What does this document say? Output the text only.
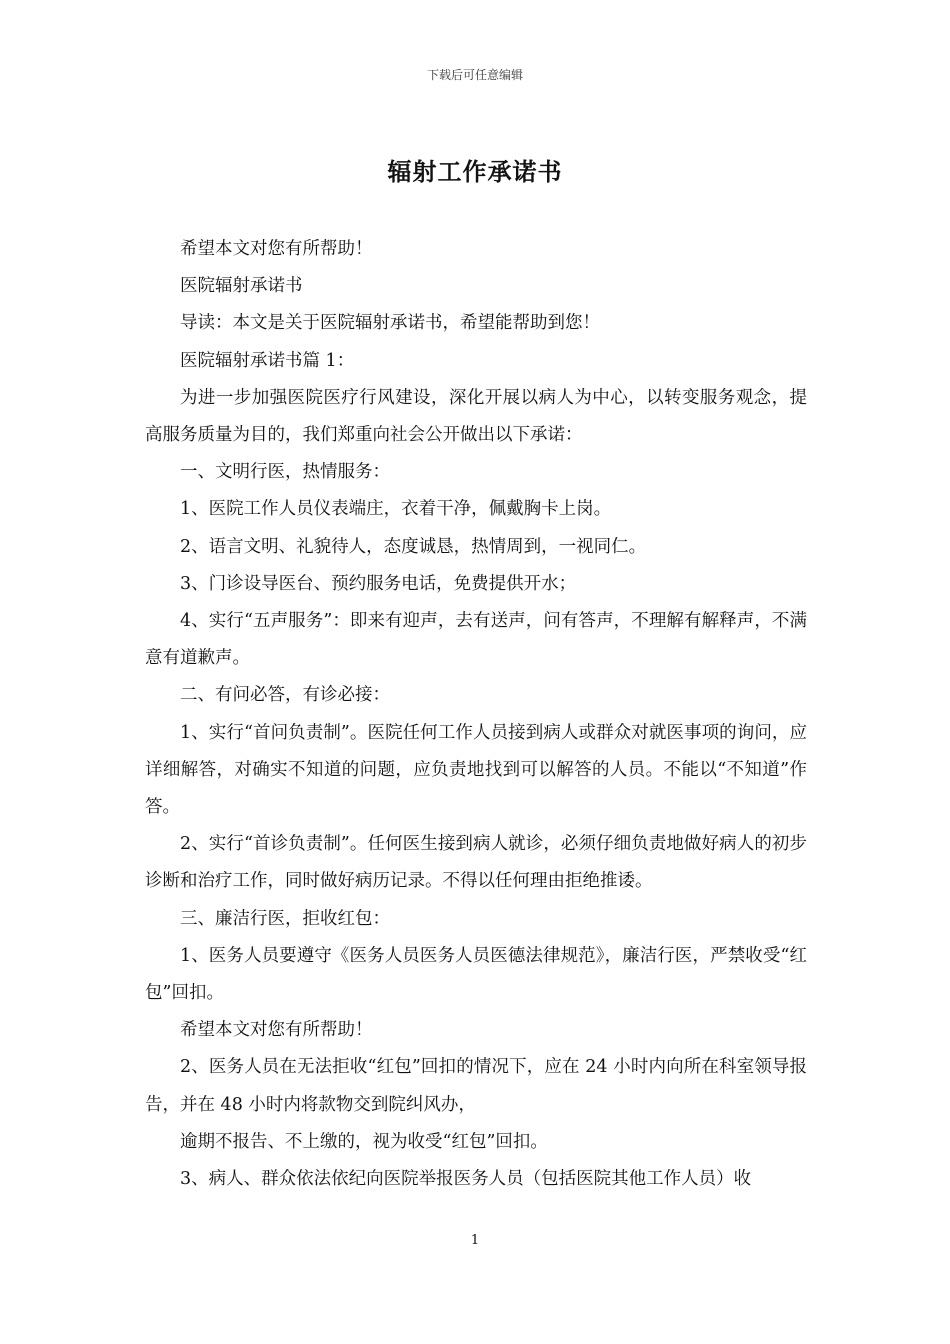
下载后可任意编辑
辐射工作承诺书

希望本文对您有所帮助！

医院辐射承诺书

导读：本文是关于医院辐射承诺书，希望能帮助到您！

医院辐射承诺书篇 1：

为进一步加强医院医疗行风建设，深化开展以病人为中心，以转变服务观念，提高服务质量为目的，我们郑重向社会公开做出以下承诺：

一、文明行医，热情服务：

1、医院工作人员仪表端庄，衣着干净，佩戴胸卡上岗。

2、语言文明、礼貌待人，态度诚恳，热情周到，一视同仁。

3、门诊设导医台、预约服务电话，免费提供开水；

4、实行“五声服务”：即来有迎声，去有送声，问有答声，不理解有解释声，不满意有道歉声。

二、有问必答，有诊必接：

1、实行“首问负责制”。医院任何工作人员接到病人或群众对就医事项的询问，应详细解答，对确实不知道的问题，应负责地找到可以解答的人员。不能以“不知道”作答。

2、实行“首诊负责制”。任何医生接到病人就诊，必须仔细负责地做好病人的初步诊断和治疗工作，同时做好病历记录。不得以任何理由拒绝推诿。

三、廉洁行医，拒收红包：

1、医务人员要遵守《医务人员医务人员医德法律规范》，廉洁行医，严禁收受“红包”回扣。

希望本文对您有所帮助！

2、医务人员在无法拒收“红包”回扣的情况下，应在 24 小时内向所在科室领导报告，并在 48 小时内将款物交到院纠风办，

逾期不报告、不上缴的，视为收受“红包”回扣。

3、病人、群众依法依纪向医院举报医务人员（包括医院其他工作人员）收

1
